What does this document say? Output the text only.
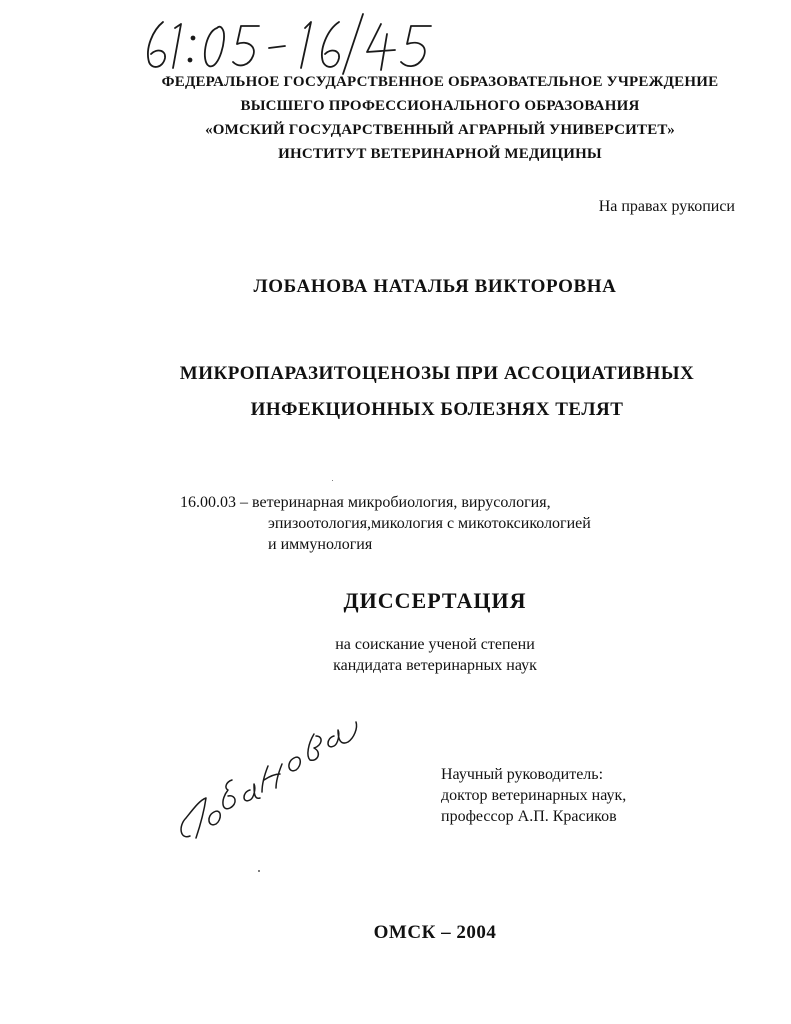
ФЕДЕРАЛЬНОЕ ГОСУДАРСТВЕННОЕ ОБРАЗОВАТЕЛЬНОЕ УЧРЕЖДЕНИЕ
ВЫСШЕГО ПРОФЕССИОНАЛЬНОГО ОБРАЗОВАНИЯ
«ОМСКИЙ ГОСУДАРСТВЕННЫЙ АГРАРНЫЙ УНИВЕРСИТЕТ»
ИНСТИТУТ ВЕТЕРИНАРНОЙ МЕДИЦИНЫ
На правах рукописи
ЛОБАНОВА НАТАЛЬЯ ВИКТОРОВНА
МИКРОПАРАЗИТОЦЕНОЗЫ ПРИ АССОЦИАТИВНЫХ
ИНФЕКЦИОННЫХ БОЛЕЗНЯХ ТЕЛЯТ
16.00.03 – ветеринарная микробиология, вирусология,
эпизоотология,микология с микотоксикологией
и иммунология
ДИССЕРТАЦИЯ
на соискание ученой степени
кандидата ветеринарных наук
Научный руководитель:
доктор ветеринарных наук,
профессор А.П. Красиков
ОМСК – 2004
